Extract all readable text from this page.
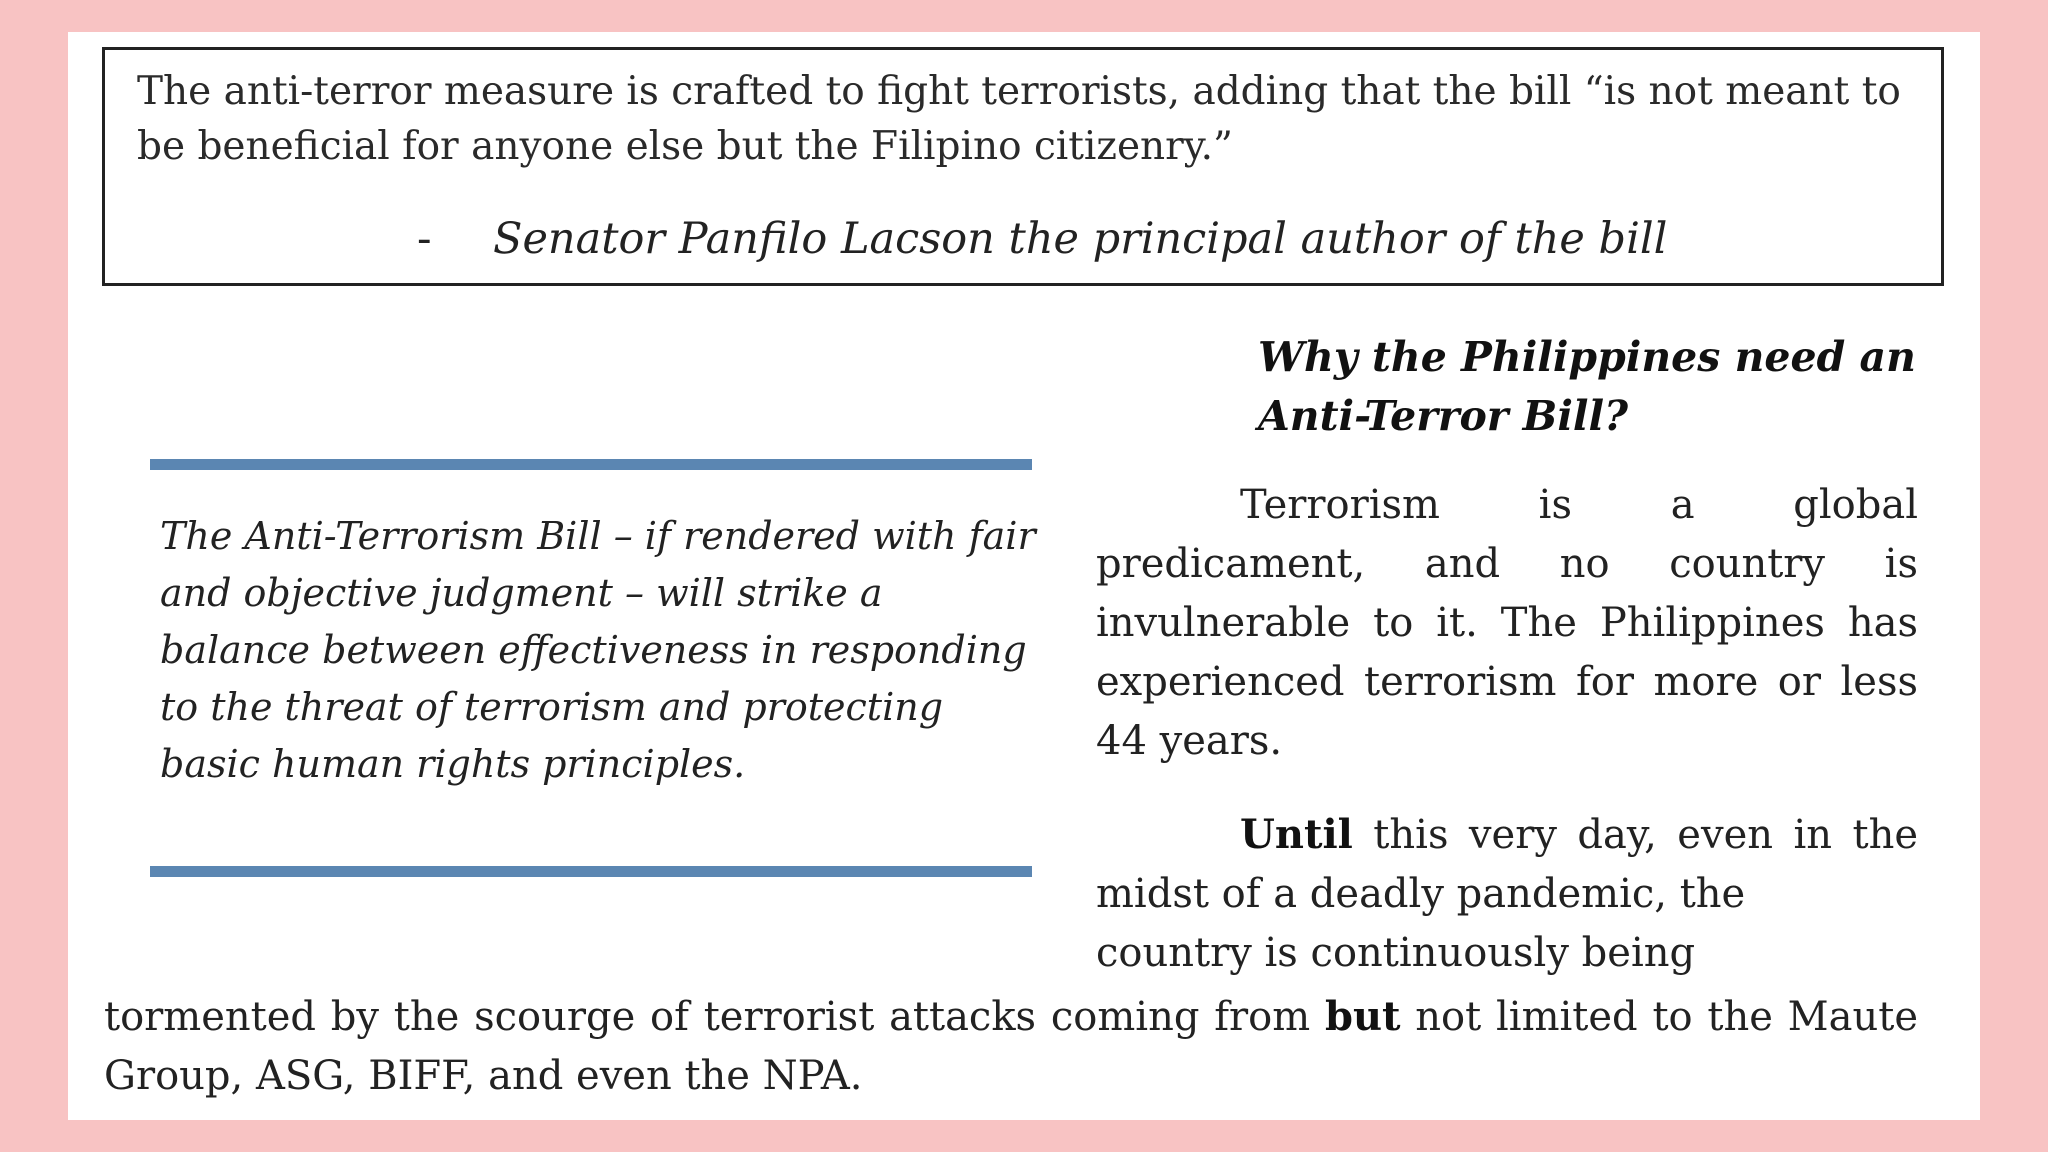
The anti-terror measure is crafted to fight terrorists, adding that the bill “is not meant to be beneficial for anyone else but the Filipino citizenry.”
- Senator Panfilo Lacson the principal author of the bill
The Anti-Terrorism Bill – if rendered with fair and objective judgment – will strike a balance between effectiveness in responding to the threat of terrorism and protecting basic human rights principles.
Why the Philippines need an Anti-Terror Bill?
Terrorism is a global predicament, and no country is invulnerable to it. The Philippines has experienced terrorism for more or less 44 years.
Until this very day, even in the midst of a deadly pandemic, the
country is continuously being
tormented by the scourge of terrorist attacks coming from but not limited to the Maute Group, ASG, BIFF, and even the NPA.
